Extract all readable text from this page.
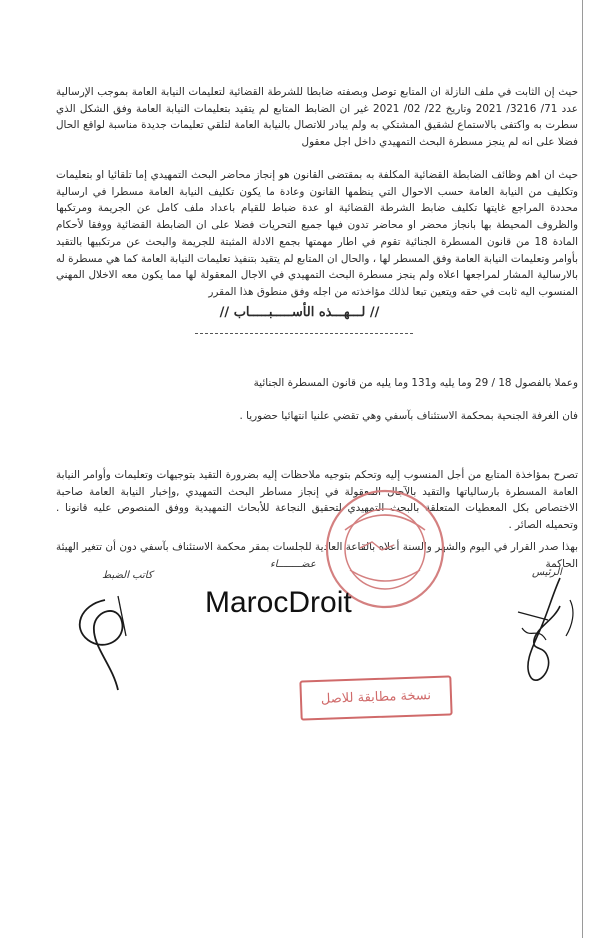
حيث إن الثابت في ملف النازلة ان المتابع توصل وبصفته ضابطا للشرطة القضائية لتعليمات النيابة العامة بموجب الإرسالية عدد 71/ 3216/ 2021 وتاريخ 22/ 02/ 2021 غير ان الضابط المتابع لم يتقيد بتعليمات النيابة العامة وفق الشكل الذي سطرت به واكتفى بالاستماع لشقيق المشتكي به ولم يبادر للاتصال بالنيابة العامة لتلقي تعليمات جديدة مناسبة لواقع الحال فضلا على انه لم ينجز مسطرة البحث التمهيدي داخل اجل معقول

حيث ان اهم وظائف الضابطة القضائية المكلفة به بمقتضى القانون هو إنجاز محاضر البحث التمهيدي إما تلقائيا او بتعليمات وتكليف من النيابة العامة حسب الاحوال التي ينظمها القانون وعادة ما يكون تكليف النيابة العامة مسطرا في ارسالية محددة المراجع غايتها تكليف ضابط الشرطة القضائية او عدة ضباط للقيام باعداد ملف كامل عن الجريمة ومرتكبها والظروف المحيطة بها بانجاز محضر او محاضر تدون فيها جميع التحريات فضلا على ان الضابطة القضائية ووفقا لأحكام المادة 18 من قانون المسطرة الجنائية تقوم في اطار مهمتها بجمع الادلة المثبتة للجريمة والبحث عن مرتكبيها بالتقيد بأوامر وتعليمات النيابة العامة وفق المسطر لها ، والحال ان المتابع لم يتقيد بتنفيذ تعليمات النيابة العامة كما هي مسطرة له بالارسالية المشار لمراجعها اعلاه ولم ينجز مسطرة البحث التمهيدي في الاجال المعقولة لها مما يكون معه الاخلال المهني المنسوب اليه ثابت في حقه ويتعين تبعا لذلك مؤاخذته من اجله وفق منطوق هذا المقرر

// لـــهـــذه الأســـــبـــــاب //

وعملا بالفصول 18 / 29 وما يليه و131 وما يليه من قانون المسطرة الجنائية

فان الغرفة الجنحية بمحكمة الاستئناف بآسفي وهي تقضي علنيا انتهائيا حضوريا .

تصرح بمؤاخذة المتابع من أجل المنسوب إليه وتحكم بتوجيه ملاحظات إليه بضرورة التقيد بتوجيهات وتعليمات وأوامر النيابة العامة المسطرة بارسالياتها والتقيد بالآجال المعقولة في إنجاز مساطر البحث التمهيدي ,وإخبار النيابة العامة صاحبة الاختصاص بكل المعطيات المتعلقة بالبحث التمهيدي لتحقيق النجاعة للأبحاث التمهيدية ووفق المنصوص عليه قانونا . وتحميله الصائر .

بهذا صدر القرار في اليوم والشهر والسنة أعلاه بالقاعة العادية للجلسات بمقر محكمة الاستئناف بآسفي دون أن تتغير الهيئة الحاكمة

عضــــــــاء
كاتب الضبط	الرئيس
MarocDroit
نسخة مطابقة للاصل
